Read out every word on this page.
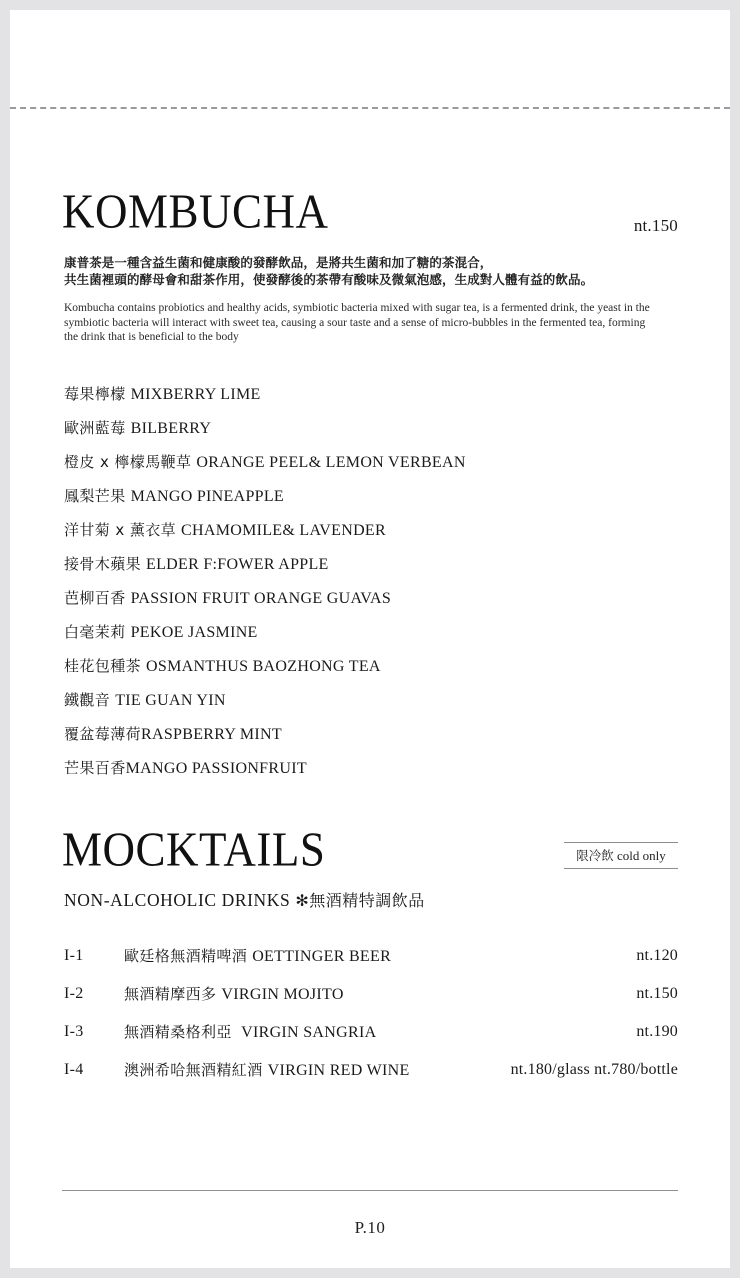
KOMBUCHA	nt.150
康普茶是一種含益生菌和健康酸的發酵飲品，是將共生菌和加了糖的茶混合，
共生菌裡頭的酵母會和甜茶作用，使發酵後的茶帶有酸味及微氣泡感，生成對人體有益的飲品。

Kombucha contains probiotics and healthy acids, symbiotic bacteria mixed with sugar tea, is a fermented drink, the yeast in the symbiotic bacteria will interact with sweet tea, causing a sour taste and a sense of micro-bubbles in the fermented tea, forming the drink that is beneficial to the body

莓果檸檬 MIXBERRY LIME
歐洲藍莓 BILBERRY
橙皮 x 檸檬馬鞭草 ORANGE PEEL& LEMON VERBEAN
鳳梨芒果 MANGO PINEAPPLE
洋甘菊 x 薰衣草 CHAMOMILE& LAVENDER
接骨木蘋果 ELDER F:FOWER APPLE
芭柳百香 PASSION FRUIT ORANGE GUAVAS
白毫茉莉 PEKOE JASMINE
桂花包種茶 OSMANTHUS BAOZHONG TEA
鐵觀音 TIE GUAN YIN
覆盆莓薄荷RASPBERRY MINT
芒果百香MANGO PASSIONFRUIT
MOCKTAILS	限冷飲 cold only
NON-ALCOHOLIC DRINKS ✻無酒精特調飲品
I-1	歐廷格無酒精啤酒 OETTINGER BEER	nt.120
I-2	無酒精摩西多 VIRGIN MOJITO	nt.150
I-3	無酒精桑格利亞 VIRGIN SANGRIA	nt.190
I-4	澳洲希哈無酒精紅酒 VIRGIN RED WINE	nt.180/glass nt.780/bottle
P.10
